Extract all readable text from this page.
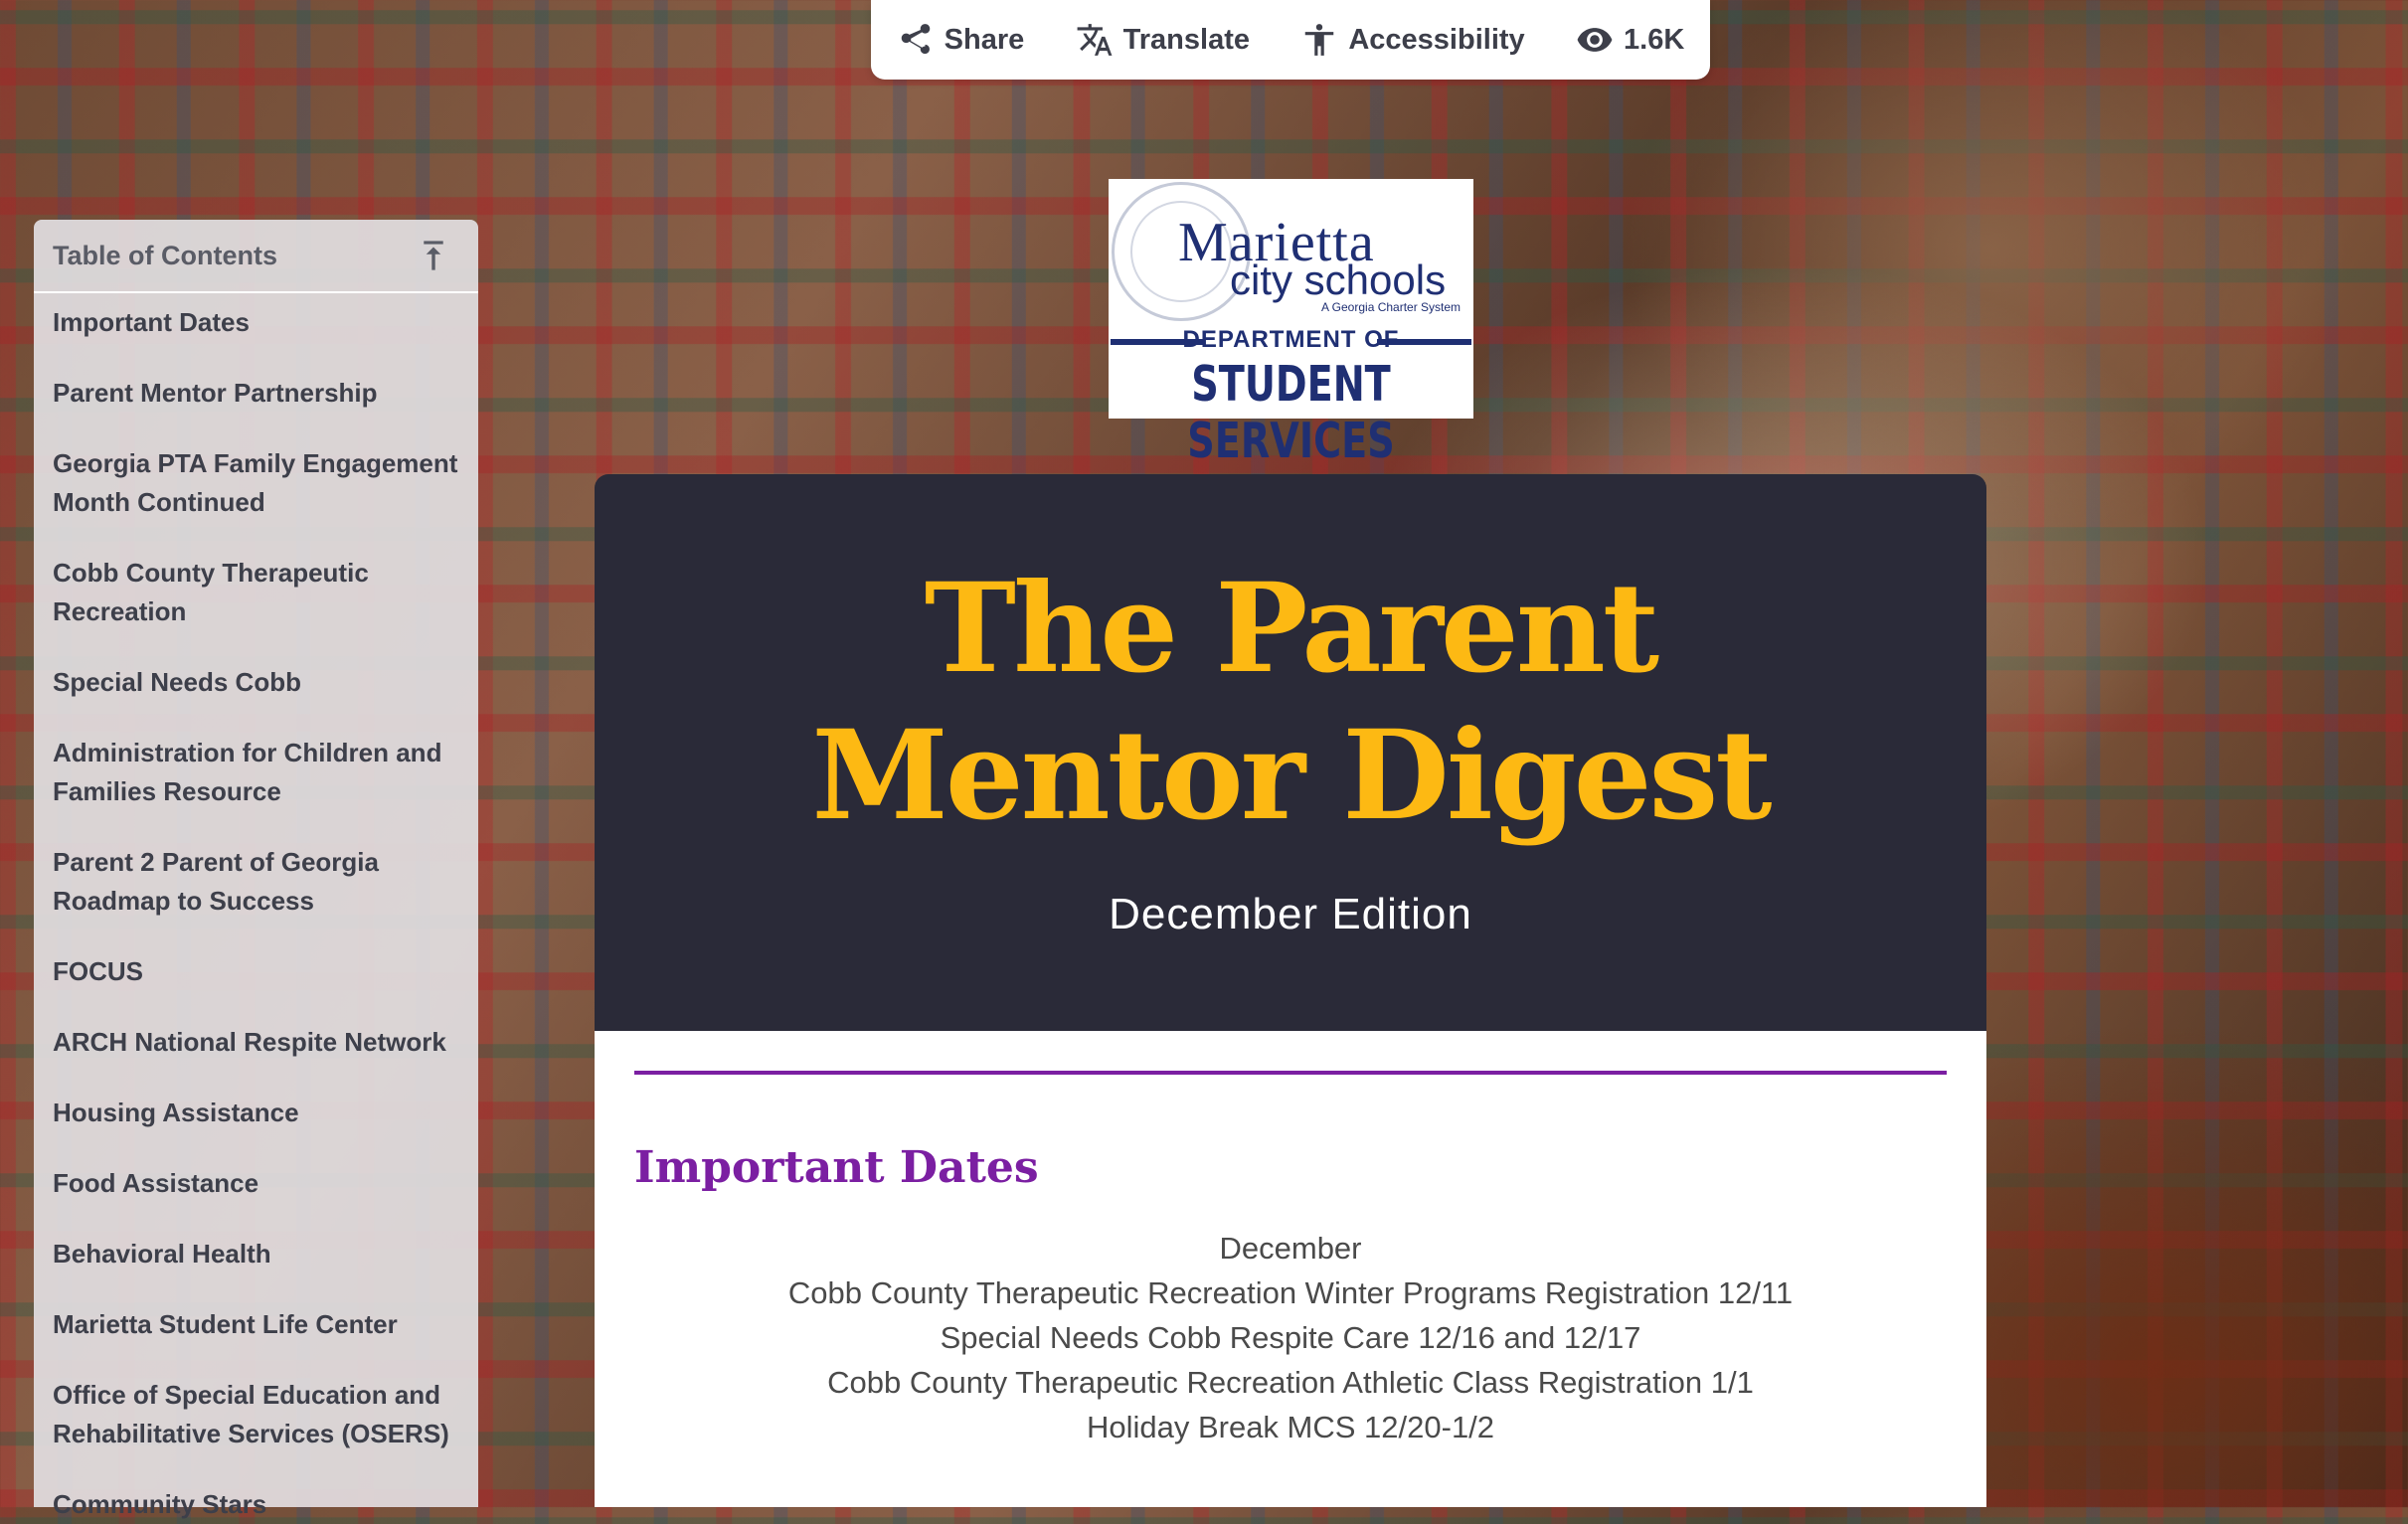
Share	Translate	Accessibility	1.6K
Table of Contents
Important Dates
Parent Mentor Partnership
Georgia PTA Family Engagement Month Continued
Cobb County Therapeutic Recreation
Special Needs Cobb
Administration for Children and Families Resource
Parent 2 Parent of Georgia Roadmap to Success
FOCUS
ARCH National Respite Network
Housing Assistance
Food Assistance
Behavioral Health
Marietta Student Life Center
Office of Special Education and Rehabilitative Services (OSERS)
Community Stars
Marietta
city schools
A Georgia Charter System
DEPARTMENT OF
STUDENT SERVICES
The Parent
Mentor Digest
December Edition
Important Dates
December
Cobb County Therapeutic Recreation Winter Programs Registration 12/11
Special Needs Cobb Respite Care 12/16 and 12/17
Cobb County Therapeutic Recreation Athletic Class Registration 1/1
Holiday Break MCS 12/20-1/2
